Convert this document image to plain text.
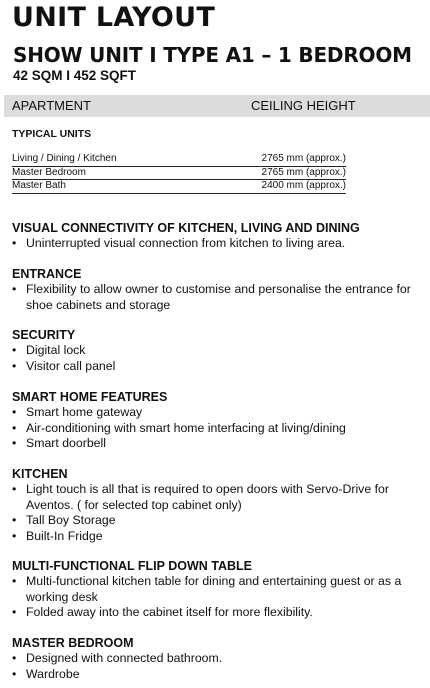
UNIT LAYOUT
SHOW UNIT I TYPE A1 – 1 BEDROOM
42 SQM I 452 SQFT
APARTMENT	CEILING HEIGHT
TYPICAL UNITS
Living / Dining / Kitchen	2765 mm (approx.)
Master Bedroom	2765 mm (approx.)
Master Bath	2400 mm (approx.)
VISUAL CONNECTIVITY OF KITCHEN, LIVING AND DINING
• Uninterrupted visual connection from kitchen to living area.
ENTRANCE
• Flexibility to allow owner to customise and personalise the entrance for shoe cabinets and storage
SECURITY
• Digital lock
• Visitor call panel
SMART HOME FEATURES
• Smart home gateway
• Air-conditioning with smart home interfacing at living/dining
• Smart doorbell
KITCHEN
• Light touch is all that is required to open doors with Servo-Drive for Aventos. ( for selected top cabinet only)
• Tall Boy Storage
• Built-In Fridge
MULTI-FUNCTIONAL FLIP DOWN TABLE
• Multi-functional kitchen table for dining and entertaining guest or as a working desk
• Folded away into the cabinet itself for more flexibility.
MASTER BEDROOM
• Designed with connected bathroom.
• Wardrobe
